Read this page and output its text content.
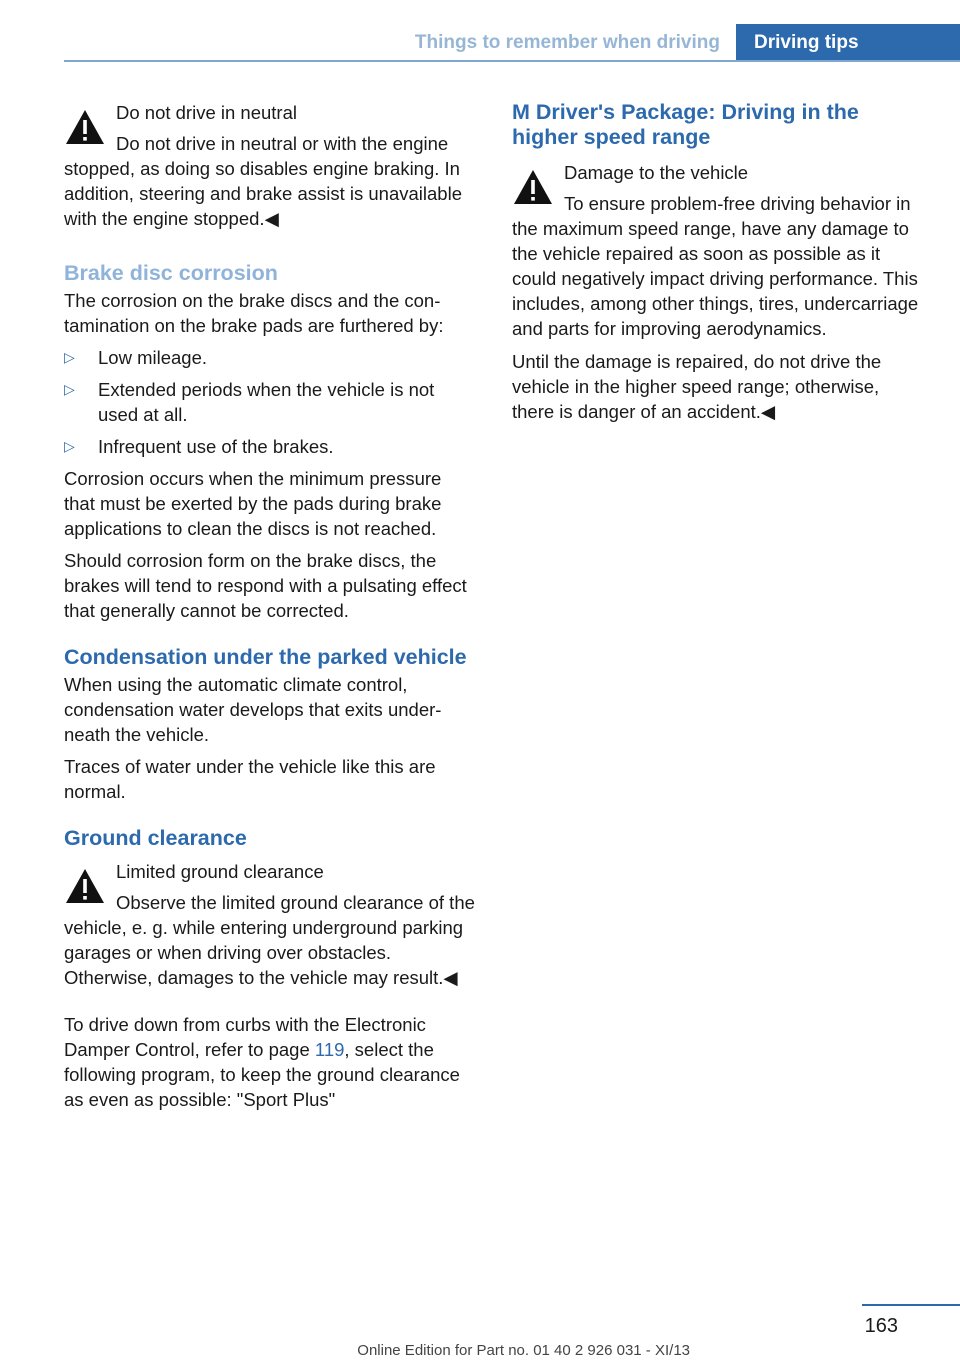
Things to remember when driving	Driving tips
Do not drive in neutral
Do not drive in neutral or with the engine stopped, as doing so disables engine braking. In addition, steering and brake assist is unavailable with the engine stopped.◀
Brake disc corrosion

The corrosion on the brake discs and the contamination on the brake pads are furthered by:

▷ Low mileage.
▷ Extended periods when the vehicle is not used at all.
▷ Infrequent use of the brakes.

Corrosion occurs when the minimum pressure that must be exerted by the pads during brake applications to clean the discs is not reached.

Should corrosion form on the brake discs, the brakes will tend to respond with a pulsating effect that generally cannot be corrected.

Condensation under the parked vehicle

When using the automatic climate control, condensation water develops that exits underneath the vehicle.

Traces of water under the vehicle like this are normal.

Ground clearance
Limited ground clearance
Observe the limited ground clearance of the vehicle, e. g. while entering underground parking garages or when driving over obstacles. Otherwise, damages to the vehicle may result.◀

To drive down from curbs with the Electronic Damper Control, refer to page 119, select the following program, to keep the ground clearance as even as possible: "Sport Plus"

M Driver's Package: Driving in the higher speed range
Damage to the vehicle
To ensure problem-free driving behavior in the maximum speed range, have any damage to the vehicle repaired as soon as possible as it could negatively impact driving performance. This includes, among other things, tires, undercarriage and parts for improving aerodynamics.

Until the damage is repaired, do not drive the vehicle in the higher speed range; otherwise, there is danger of an accident.◀

163
Online Edition for Part no. 01 40 2 926 031 - XI/13
